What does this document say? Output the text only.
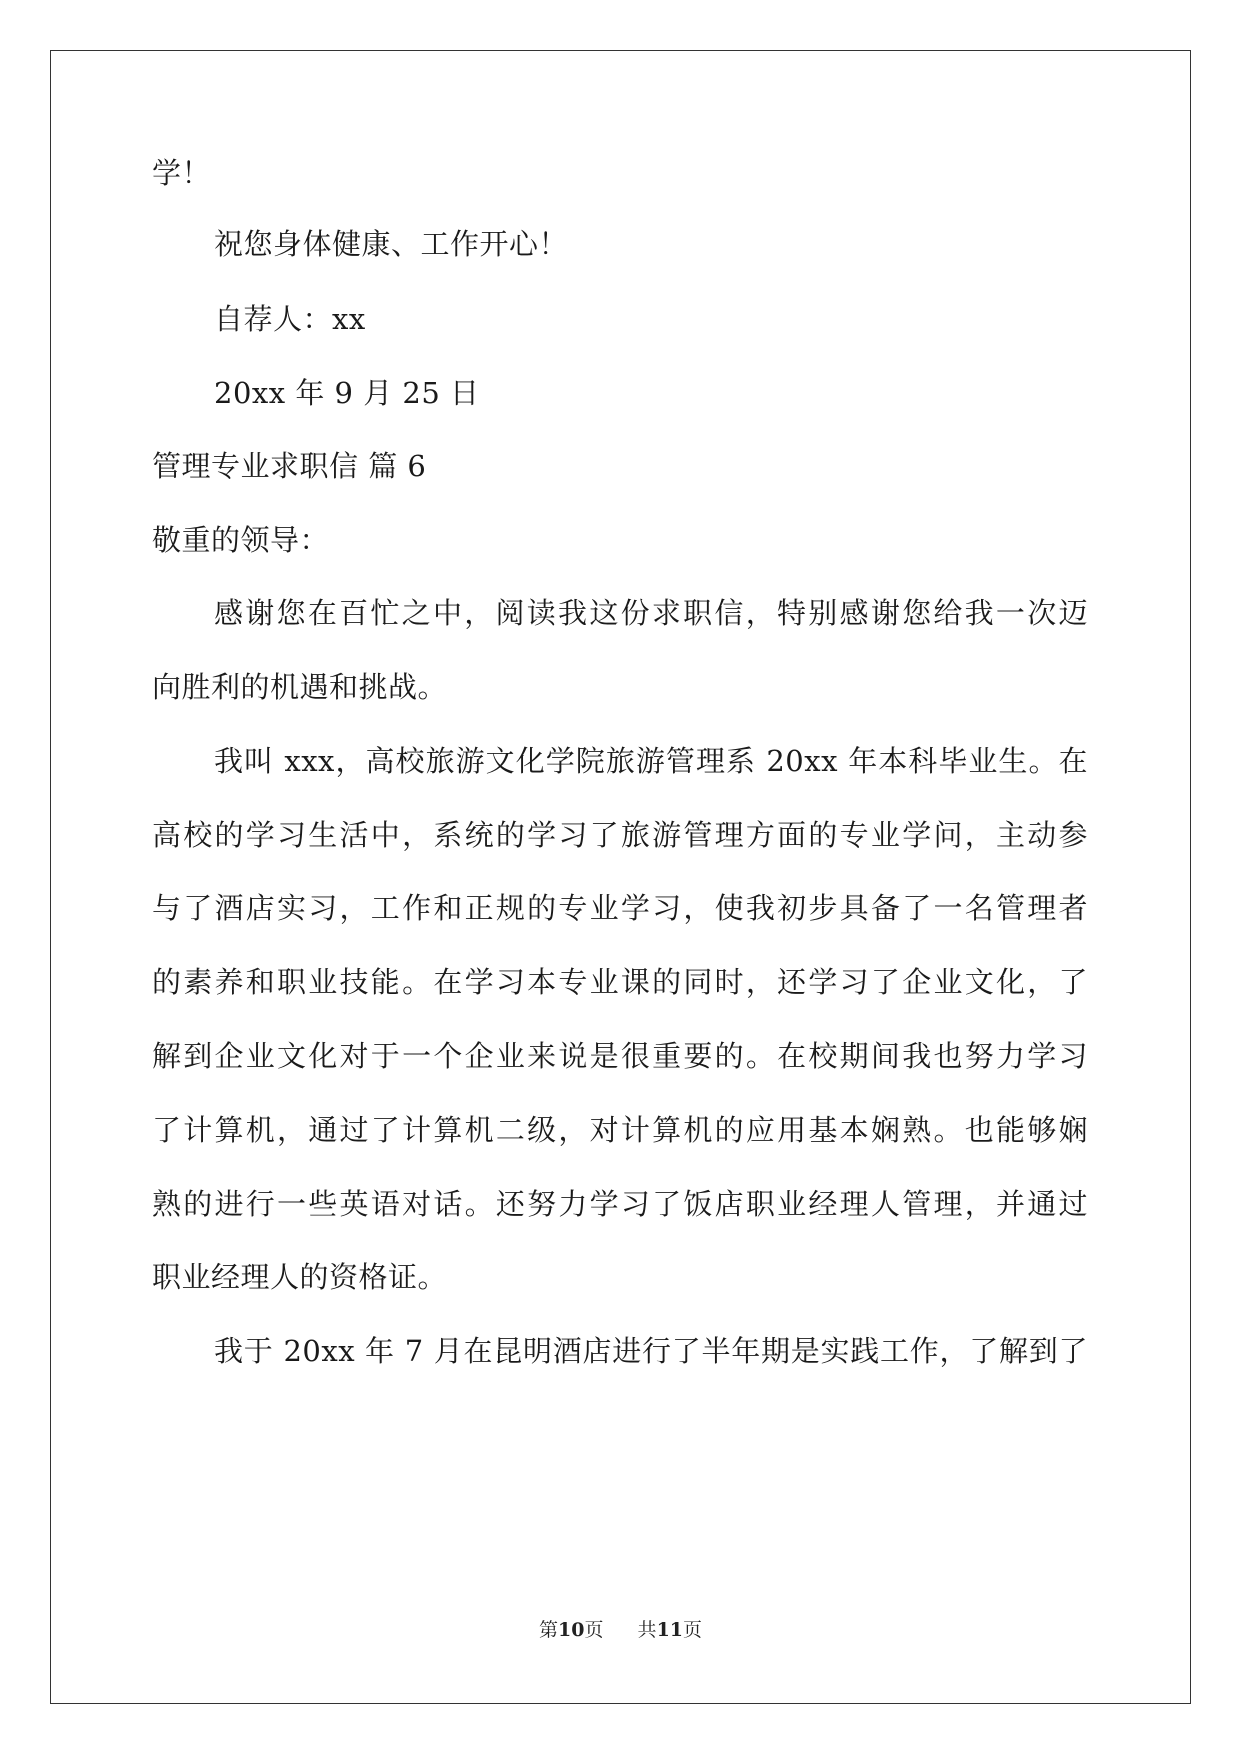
学！
祝您身体健康、工作开心！
自荐人：xx
20xx 年 9 月 25 日
管理专业求职信 篇 6
敬重的领导：
感谢您在百忙之中，阅读我这份求职信，特别感谢您给我一次迈
向胜利的机遇和挑战。
我叫 xxx，高校旅游文化学院旅游管理系 20xx 年本科毕业生。在
高校的学习生活中，系统的学习了旅游管理方面的专业学问，主动参
与了酒店实习，工作和正规的专业学习，使我初步具备了一名管理者
的素养和职业技能。在学习本专业课的同时，还学习了企业文化，了
解到企业文化对于一个企业来说是很重要的。在校期间我也努力学习
了计算机，通过了计算机二级，对计算机的应用基本娴熟。也能够娴
熟的进行一些英语对话。还努力学习了饭店职业经理人管理，并通过
职业经理人的资格证。
我于 20xx 年 7 月在昆明酒店进行了半年期是实践工作，了解到了
第10页 共11页
